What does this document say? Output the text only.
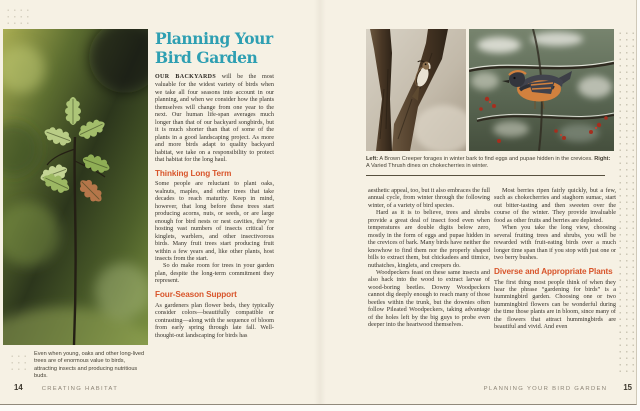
Planning Your
Bird Garden

OUR BACKYARDS will be the most valuable for the widest variety of birds when we take all four seasons into account in our planning, and when we consider how the plants themselves will change from one year to the next. Our human life-span averages much longer than that of our backyard songbirds, but it is much shorter than that of some of the plants in a good landscaping project. As more and more birds adapt to quality backyard habitat, we take on a responsibility to protect that habitat for the long haul.

Thinking Long Term

Some people are reluctant to plant oaks, walnuts, maples, and other trees that take decades to reach maturity. Keep in mind, however, that long before these trees start producing acorns, nuts, or seeds, or are large enough for bird nests or nest cavities, they’re hosting vast numbers of insects critical for kinglets, warblers, and other insectivorous birds. Many fruit trees start producing fruit within a few years and, like other plants, host insects from the start.

So do make room for trees in your garden plan, despite the long-term commitment they represent.

Four-Season Support

As gardeners plan flower beds, they typically consider colors—beautifully compatible or contrasting—along with the sequence of bloom from early spring through late fall. Well-thought-out landscaping for birds has

Even when young, oaks and other long-lived trees are of enormous value to birds, attracting insects and producing nutritious buds.
Left: A Brown Creeper forages in winter bark to find eggs and pupae hidden in the crevices. Right: A Varied Thrush dines on chokecherries in winter.

aesthetic appeal, too, but it also embraces the full annual cycle, from winter through the following winter, of a variety of bird species.

Hard as it is to believe, trees and shrubs provide a great deal of insect food even when temperatures are double digits below zero, mostly in the form of eggs and pupae hidden in the crevices of bark. Many birds have neither the knowhow to find them nor the properly shaped bills to extract them, but chickadees and titmice, nuthatches, kinglets, and creepers do.

Woodpeckers feast on these same insects and also hack into the wood to extract larvae of wood-boring beetles. Downy Woodpeckers cannot dig deeply enough to reach many of those beetles within the trunk, but the downies often follow Pileated Woodpeckers, taking advantage of the holes left by the big guys to probe even deeper into the heartwood themselves.

Most berries ripen fairly quickly, but a few, such as chokecherries and staghorn sumac, start out bitter-tasting and then sweeten over the course of the winter. They provide invaluable food as other fruits and berries are depleted.

When you take the long view, choosing several fruiting trees and shrubs, you will be rewarded with fruit-eating birds over a much longer time span than if you stop with just one or two berry bushes.

Diverse and Appropriate Plants

The first thing most people think of when they hear the phrase “gardening for birds” is a hummingbird garden. Choosing one or two hummingbird flowers can be wonderful during the time those plants are in bloom, since many of the flowers that attract hummingbirds are beautiful and vivid. And even

14	CREATING HABITAT	PLANNING YOUR BIRD GARDEN 15
